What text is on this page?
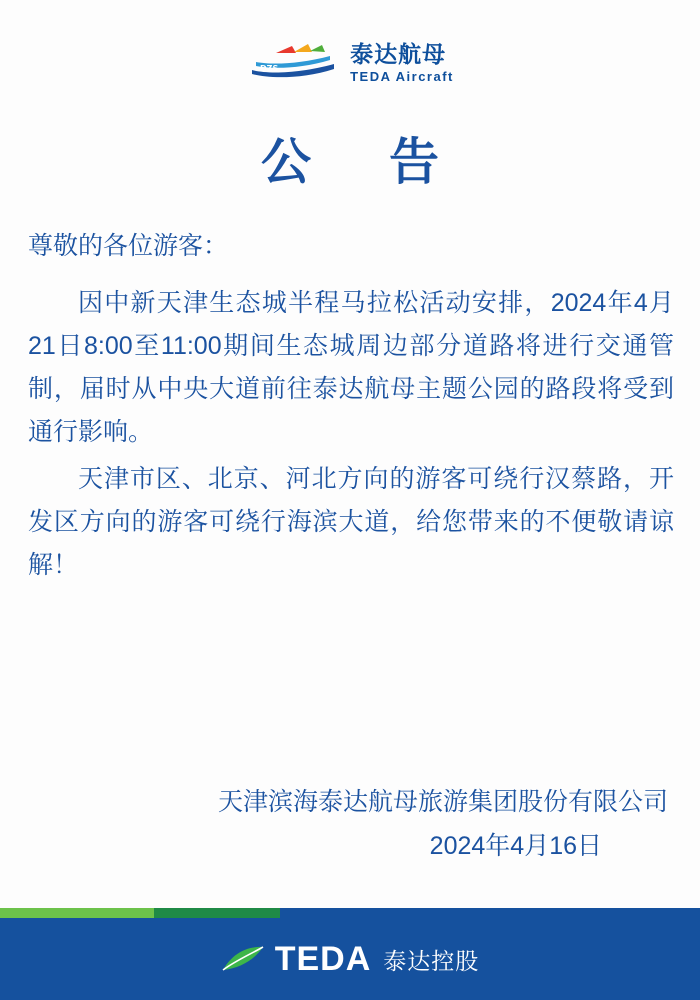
DZS
泰达航母
TEDA Aircraft
公　告
尊敬的各位游客：

因中新天津生态城半程马拉松活动安排，2024年4月21日8:00至11:00期间生态城周边部分道路将进行交通管制，届时从中央大道前往泰达航母主题公园的路段将受到通行影响。

天津市区、北京、河北方向的游客可绕行汉蔡路，开发区方向的游客可绕行海滨大道，给您带来的不便敬请谅解！

天津滨海泰达航母旅游集团股份有限公司
2024年4月16日
TEDA 泰达控股
